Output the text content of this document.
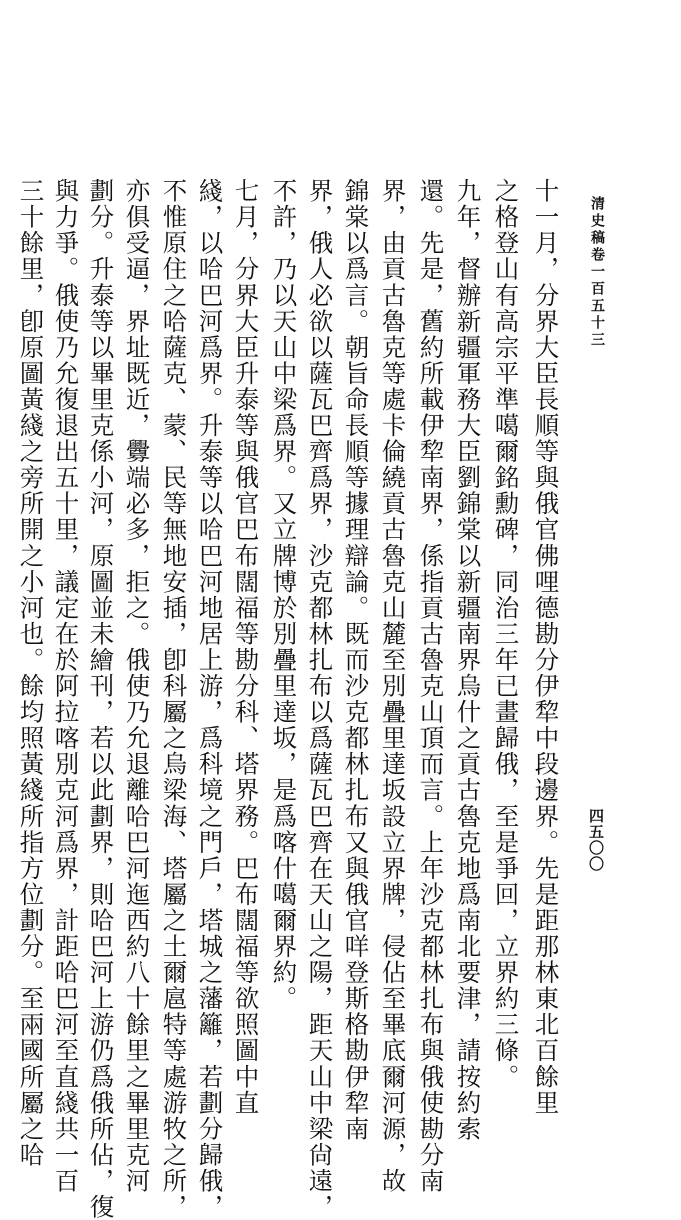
清史稿卷一百五十三
四五〇〇
十一月，分界大臣長順等與俄官佛哩德勘分伊犂中段邊界。先是距那林東北百餘里
之格登山有高宗平準噶爾銘勳碑，同治三年已畫歸俄，至是爭回，立界約三條。
九年，督辦新疆軍務大臣劉錦棠以新疆南界烏什之貢古魯克地爲南北要津，請按約索
還。先是，舊約所載伊犂南界，係指貢古魯克山頂而言。上年沙克都林扎布與俄使勘分南
界，由貢古魯克等處卡倫繞貢古魯克山麓至別疊里達坂設立界牌，侵佔至畢底爾河源，故
錦棠以爲言。朝旨命長順等據理辯論。既而沙克都林扎布又與俄官咩登斯格勘伊犂南
界，俄人必欲以薩瓦巴齊爲界，沙克都林扎布以爲薩瓦巴齊在天山之陽，距天山中梁尙遠，
不許，乃以天山中梁爲界。又立牌博於別疊里達坂，是爲喀什噶爾界約。
七月，分界大臣升泰等與俄官巴布闊福等勘分科、塔界務。巴布闊福等欲照圖中直
綫，以哈巴河爲界。升泰等以哈巴河地居上游，爲科境之門戶，塔城之藩籬，若劃分歸俄，
不惟原住之哈薩克、蒙、民等無地安插，卽科屬之烏梁海、塔屬之土爾扈特等處游牧之所，
亦俱受逼，界址既近，釁端必多，拒之。俄使乃允退離哈巴河迤西約八十餘里之畢里克河
劃分。升泰等以畢里克係小河，原圖並未繪刊，若以此劃界，則哈巴河上游仍爲俄所佔，復
與力爭。俄使乃允復退出五十里，議定在於阿拉喀別克河爲界，計距哈巴河至直綫共一百
三十餘里，卽原圖黃綫之旁所開之小河也。餘均照黃綫所指方位劃分。至兩國所屬之哈
